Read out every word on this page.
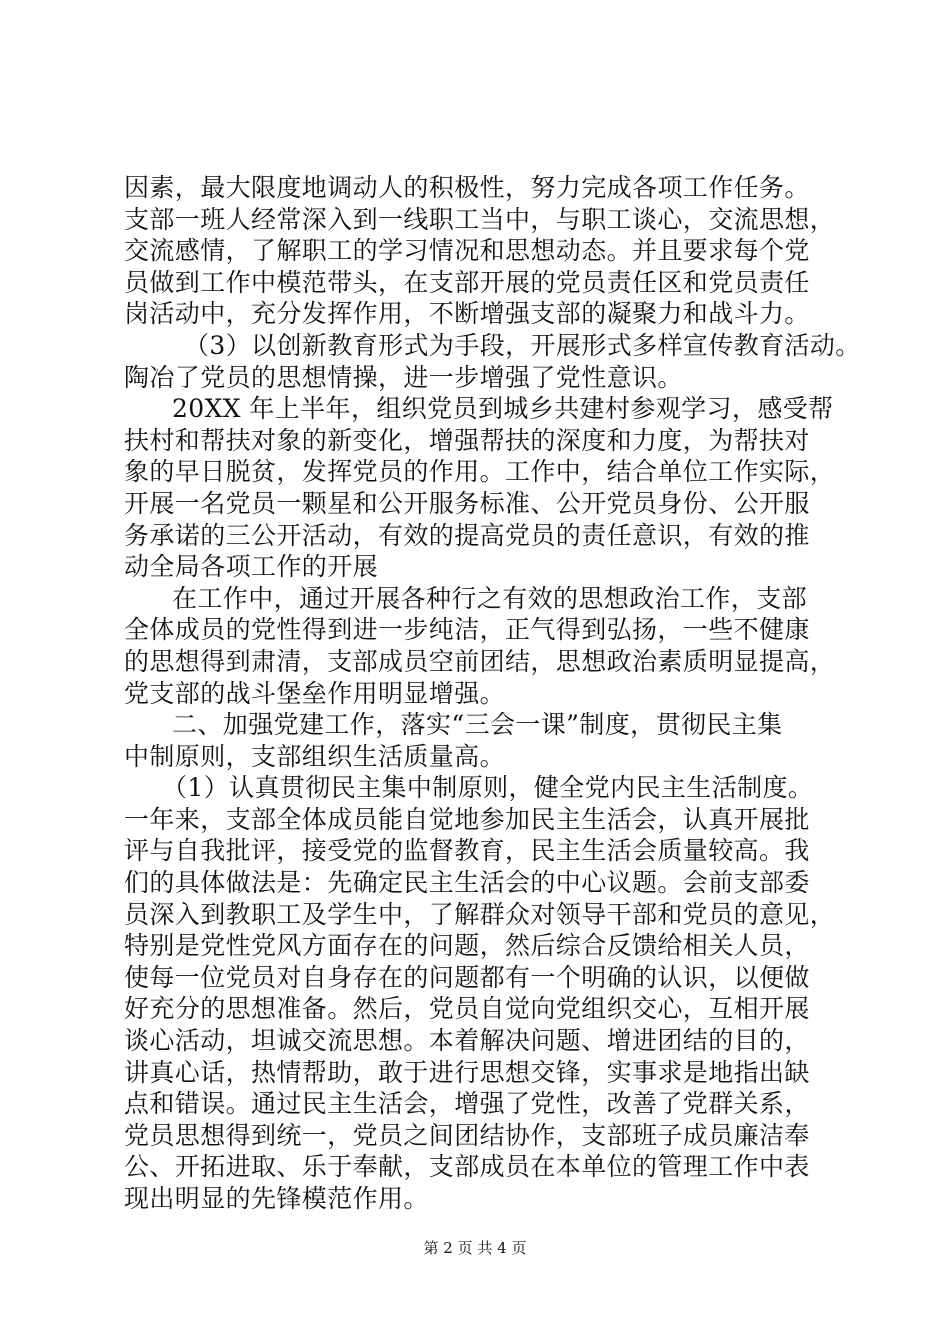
因素，最大限度地调动人的积极性，努力完成各项工作任务。
支部一班人经常深入到一线职工当中，与职工谈心，交流思想，
交流感情，了解职工的学习情况和思想动态。并且要求每个党
员做到工作中模范带头，在支部开展的党员责任区和党员责任
岗活动中，充分发挥作用，不断增强支部的凝聚力和战斗力。
（3）以创新教育形式为手段，开展形式多样宣传教育活动。
陶冶了党员的思想情操，进一步增强了党性意识。
20XX 年上半年，组织党员到城乡共建村参观学习，感受帮
扶村和帮扶对象的新变化，增强帮扶的深度和力度，为帮扶对
象的早日脱贫，发挥党员的作用。工作中，结合单位工作实际，
开展一名党员一颗星和公开服务标准、公开党员身份、公开服
务承诺的三公开活动，有效的提高党员的责任意识，有效的推
动全局各项工作的开展
在工作中，通过开展各种行之有效的思想政治工作，支部
全体成员的党性得到进一步纯洁，正气得到弘扬，一些不健康
的思想得到肃清，支部成员空前团结，思想政治素质明显提高，
党支部的战斗堡垒作用明显增强。
二、加强党建工作，落实“三会一课”制度，贯彻民主集
中制原则，支部组织生活质量高。
（1）认真贯彻民主集中制原则，健全党内民主生活制度。
一年来，支部全体成员能自觉地参加民主生活会，认真开展批
评与自我批评，接受党的监督教育，民主生活会质量较高。我
们的具体做法是：先确定民主生活会的中心议题。会前支部委
员深入到教职工及学生中，了解群众对领导干部和党员的意见，
特别是党性党风方面存在的问题，然后综合反馈给相关人员，
使每一位党员对自身存在的问题都有一个明确的认识，以便做
好充分的思想准备。然后，党员自觉向党组织交心，互相开展
谈心活动，坦诚交流思想。本着解决问题、增进团结的目的，
讲真心话，热情帮助，敢于进行思想交锋，实事求是地指出缺
点和错误。通过民主生活会，增强了党性，改善了党群关系，
党员思想得到统一，党员之间团结协作，支部班子成员廉洁奉
公、开拓进取、乐于奉献，支部成员在本单位的管理工作中表
现出明显的先锋模范作用。
第 2 页 共 4 页
